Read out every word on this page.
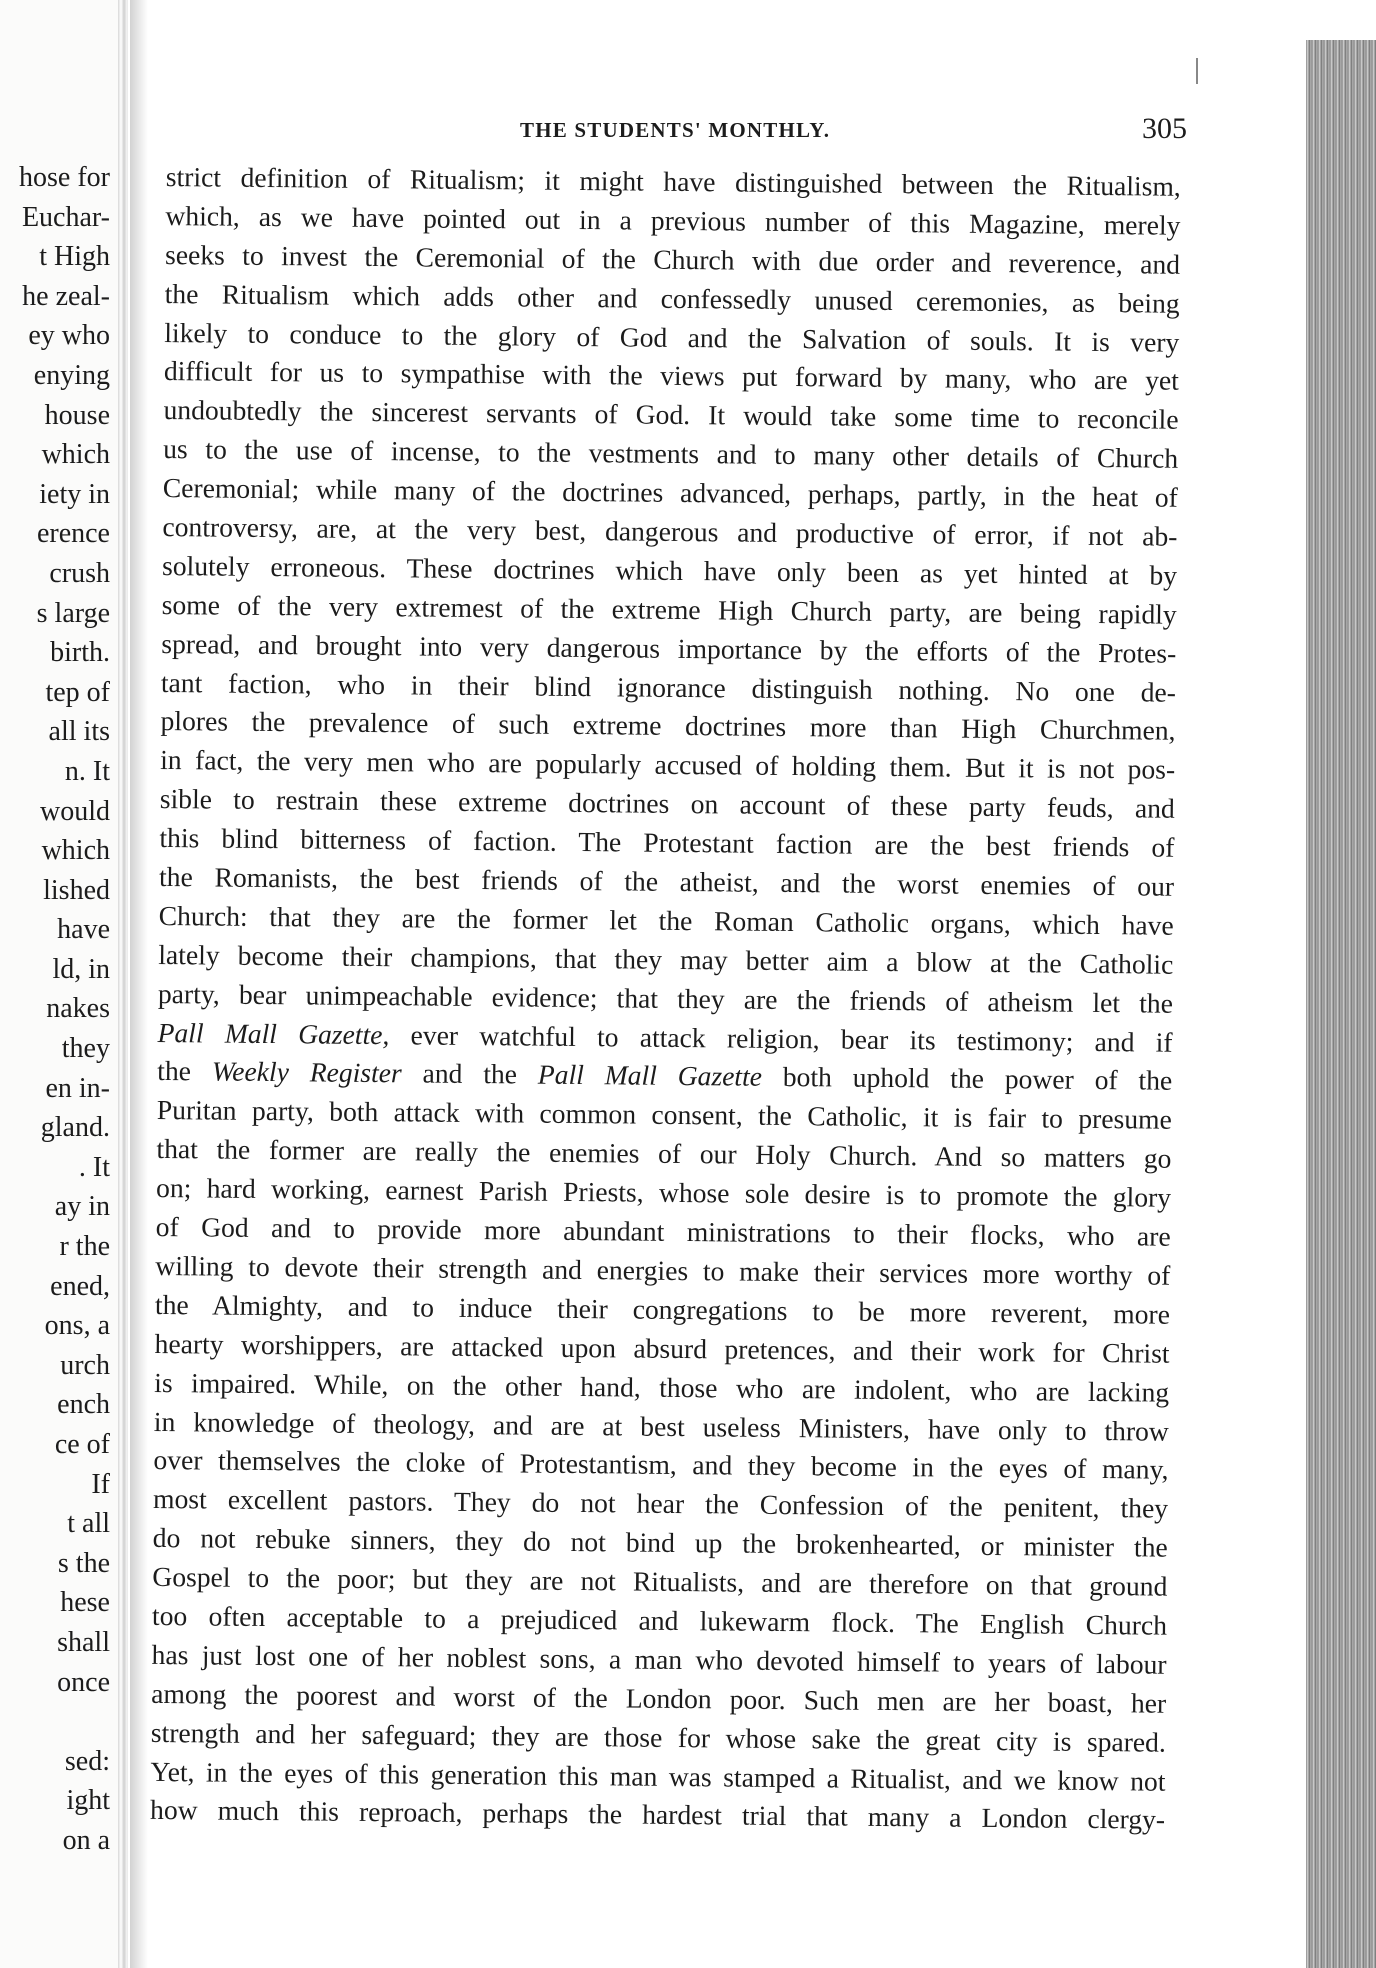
hose for
Euchar-
t High
he zeal-
ey who
enying
house
which
iety in
erence
crush
s large
birth.
tep of
all its
n. It
would
which
lished
have
ld, in
nakes
they
en in-
gland.
. It
ay in
r the
ened,
ons, a
urch
ench
ce of
If
t all
s the
hese
shall
once
sed:
ight
on a
THE STUDENTS' MONTHLY.	305
strict definition of Ritualism; it might have distinguished between the Ritualism,
which, as we have pointed out in a previous number of this Magazine, merely
seeks to invest the Ceremonial of the Church with due order and reverence, and
the Ritualism which adds other and confessedly unused ceremonies, as being
likely to conduce to the glory of God and the Salvation of souls. It is very
difficult for us to sympathise with the views put forward by many, who are yet
undoubtedly the sincerest servants of God. It would take some time to reconcile
us to the use of incense, to the vestments and to many other details of Church
Ceremonial; while many of the doctrines advanced, perhaps, partly, in the heat of
controversy, are, at the very best, dangerous and productive of error, if not ab-
solutely erroneous. These doctrines which have only been as yet hinted at by
some of the very extremest of the extreme High Church party, are being rapidly
spread, and brought into very dangerous importance by the efforts of the Protes-
tant faction, who in their blind ignorance distinguish nothing. No one de-
plores the prevalence of such extreme doctrines more than High Churchmen,
in fact, the very men who are popularly accused of holding them. But it is not pos-
sible to restrain these extreme doctrines on account of these party feuds, and
this blind bitterness of faction. The Protestant faction are the best friends of
the Romanists, the best friends of the atheist, and the worst enemies of our
Church: that they are the former let the Roman Catholic organs, which have
lately become their champions, that they may better aim a blow at the Catholic
party, bear unimpeachable evidence; that they are the friends of atheism let the
Pall Mall Gazette, ever watchful to attack religion, bear its testimony; and if
the Weekly Register and the Pall Mall Gazette both uphold the power of the
Puritan party, both attack with common consent, the Catholic, it is fair to presume
that the former are really the enemies of our Holy Church. And so matters go
on; hard working, earnest Parish Priests, whose sole desire is to promote the glory
of God and to provide more abundant ministrations to their flocks, who are
willing to devote their strength and energies to make their services more worthy of
the Almighty, and to induce their congregations to be more reverent, more
hearty worshippers, are attacked upon absurd pretences, and their work for Christ
is impaired. While, on the other hand, those who are indolent, who are lacking
in knowledge of theology, and are at best useless Ministers, have only to throw
over themselves the cloke of Protestantism, and they become in the eyes of many,
most excellent pastors. They do not hear the Confession of the penitent, they
do not rebuke sinners, they do not bind up the brokenhearted, or minister the
Gospel to the poor; but they are not Ritualists, and are therefore on that ground
too often acceptable to a prejudiced and lukewarm flock. The English Church
has just lost one of her noblest sons, a man who devoted himself to years of labour
among the poorest and worst of the London poor. Such men are her boast, her
strength and her safeguard; they are those for whose sake the great city is spared.
Yet, in the eyes of this generation this man was stamped a Ritualist, and we know not
how much this reproach, perhaps the hardest trial that many a London clergy-
